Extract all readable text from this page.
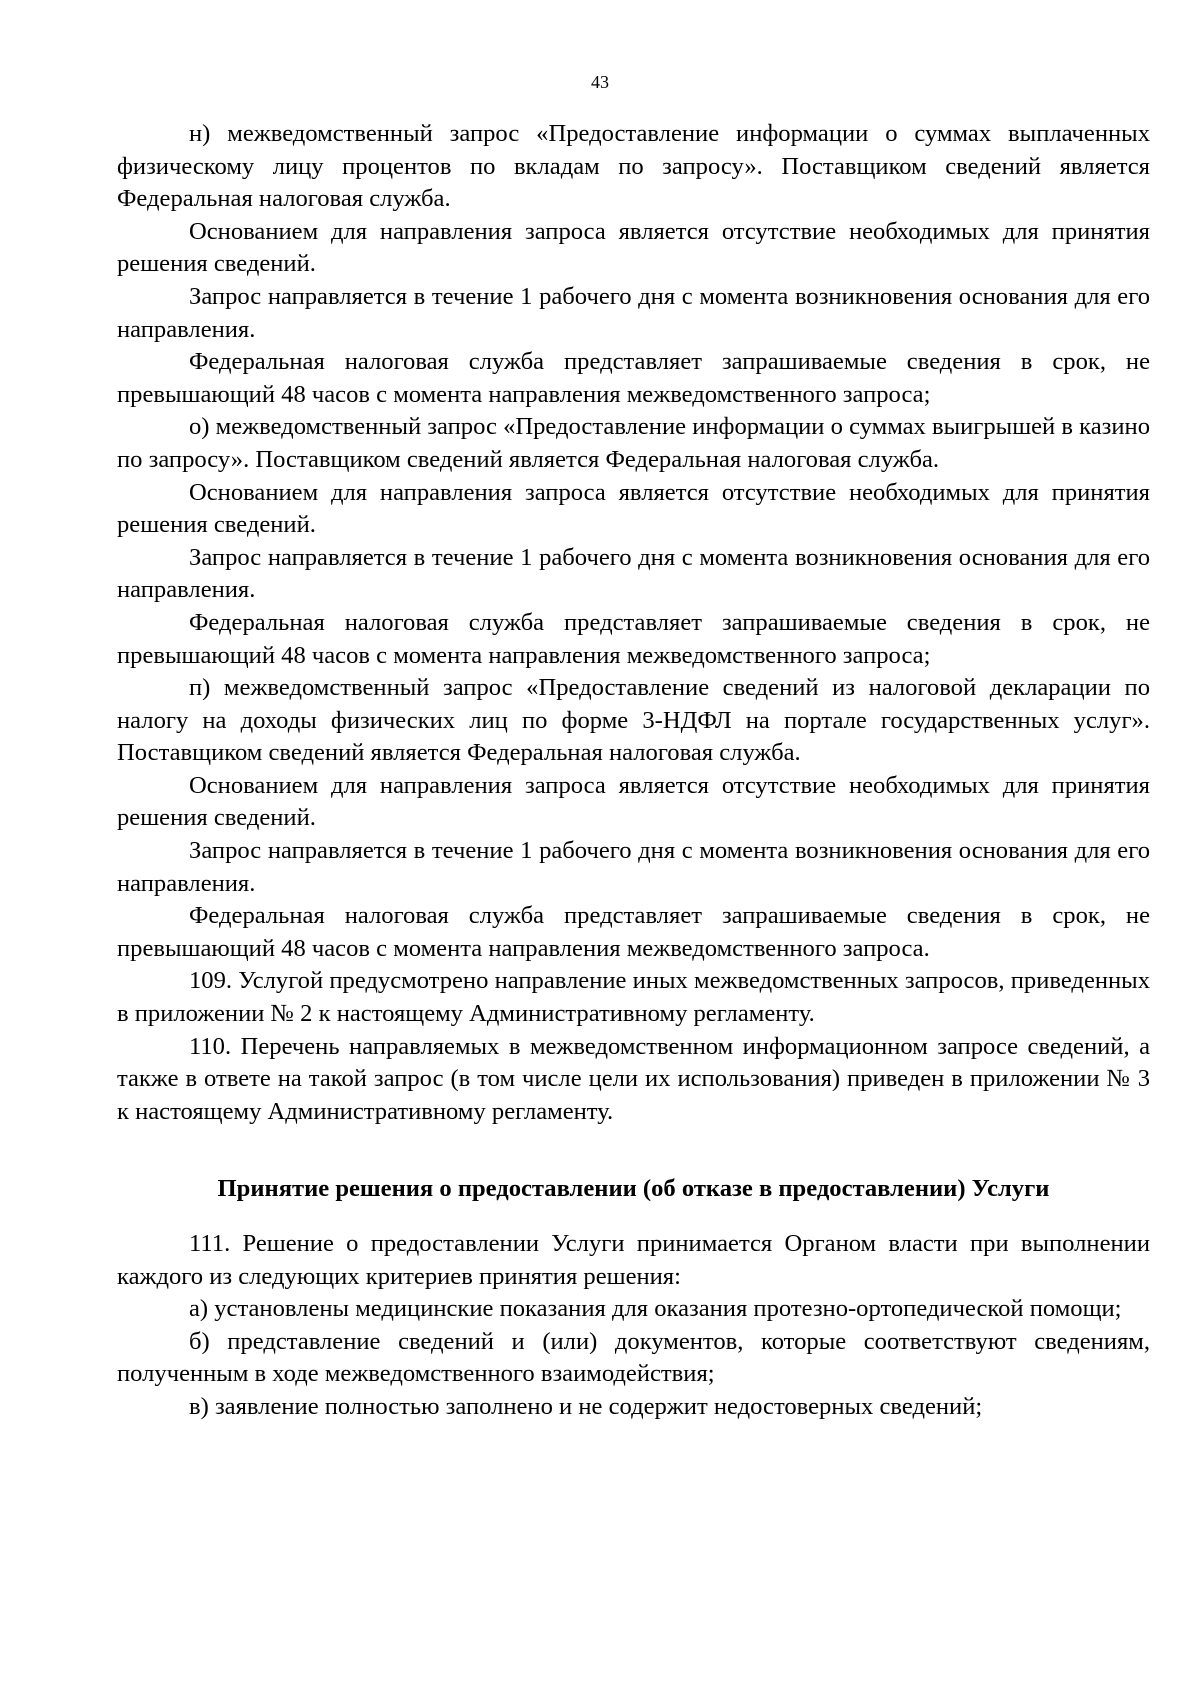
43

н) межведомственный запрос «Предоставление информации о суммах выплаченных физическому лицу процентов по вкладам по запросу». Поставщиком сведений является Федеральная налоговая служба.

Основанием для направления запроса является отсутствие необходимых для принятия решения сведений.

Запрос направляется в течение 1 рабочего дня с момента возникновения основания для его направления.

Федеральная налоговая служба представляет запрашиваемые сведения в срок, не превышающий 48 часов с момента направления межведомственного запроса;

о) межведомственный запрос «Предоставление информации о суммах выигрышей в казино по запросу». Поставщиком сведений является Федеральная налоговая служба.

Основанием для направления запроса является отсутствие необходимых для принятия решения сведений.

Запрос направляется в течение 1 рабочего дня с момента возникновения основания для его направления.

Федеральная налоговая служба представляет запрашиваемые сведения в срок, не превышающий 48 часов с момента направления межведомственного запроса;

п) межведомственный запрос «Предоставление сведений из налоговой декларации по налогу на доходы физических лиц по форме 3-НДФЛ на портале государственных услуг». Поставщиком сведений является Федеральная налоговая служба.

Основанием для направления запроса является отсутствие необходимых для принятия решения сведений.

Запрос направляется в течение 1 рабочего дня с момента возникновения основания для его направления.

Федеральная налоговая служба представляет запрашиваемые сведения в срок, не превышающий 48 часов с момента направления межведомственного запроса.

109. Услугой предусмотрено направление иных межведомственных запросов, приведенных в приложении № 2 к настоящему Административному регламенту.

110. Перечень направляемых в межведомственном информационном запросе сведений, а также в ответе на такой запрос (в том числе цели их использования) приведен в приложении № 3 к настоящему Административному регламенту.

Принятие решения о предоставлении (об отказе в предоставлении) Услуги

111. Решение о предоставлении Услуги принимается Органом власти при выполнении каждого из следующих критериев принятия решения:

а) установлены медицинские показания для оказания протезно-ортопедической помощи;

б) представление сведений и (или) документов, которые соответствуют сведениям, полученным в ходе межведомственного взаимодействия;

в) заявление полностью заполнено и не содержит недостоверных сведений;
